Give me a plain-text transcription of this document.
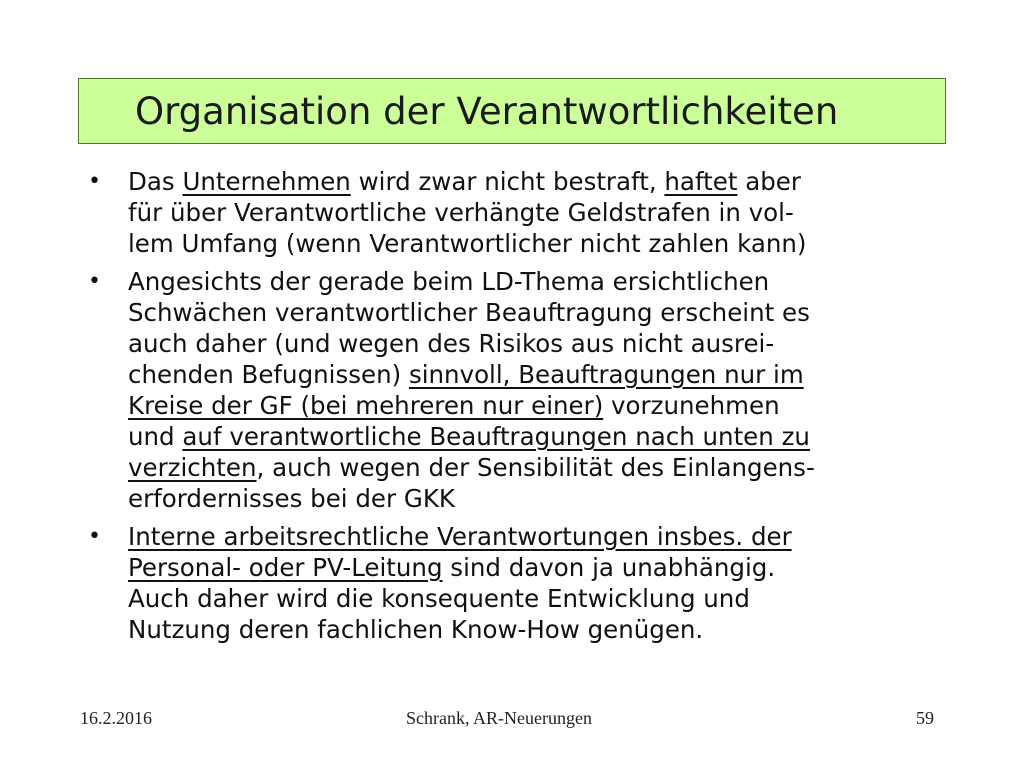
Organisation der Verantwortlichkeiten
• Das Unternehmen wird zwar nicht bestraft, haftet aber
für über Verantwortliche verhängte Geldstrafen in vol-
lem Umfang (wenn Verantwortlicher nicht zahlen kann)
• Angesichts der gerade beim LD-Thema ersichtlichen
Schwächen verantwortlicher Beauftragung erscheint es
auch daher (und wegen des Risikos aus nicht ausrei-
chenden Befugnissen) sinnvoll, Beauftragungen nur im
Kreise der GF (bei mehreren nur einer) vorzunehmen
und auf verantwortliche Beauftragungen nach unten zu
verzichten, auch wegen der Sensibilität des Einlangens-
erfordernisses bei der GKK
• Interne arbeitsrechtliche Verantwortungen insbes. der
Personal- oder PV-Leitung sind davon ja unabhängig.
Auch daher wird die konsequente Entwicklung und
Nutzung deren fachlichen Know-How genügen.
16.2.2016	Schrank, AR-Neuerungen	59
